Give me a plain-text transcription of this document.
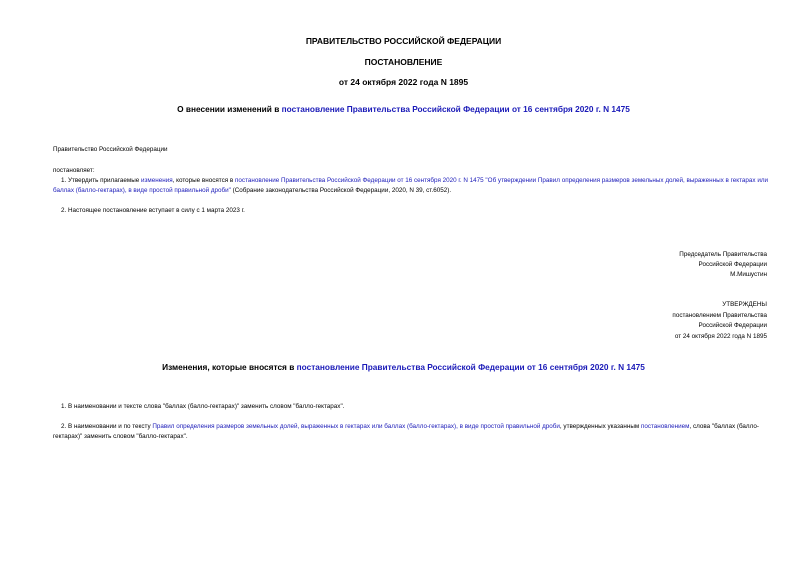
ПРАВИТЕЛЬСТВО РОССИЙСКОЙ ФЕДЕРАЦИИ
ПОСТАНОВЛЕНИЕ
от 24 октября 2022 года N 1895
О внесении изменений в постановление Правительства Российской Федерации от 16 сентября 2020 г. N 1475
Правительство Российской Федерации
постановляет:
1. Утвердить прилагаемые изменения, которые вносятся в постановление Правительства Российской Федерации от 16 сентября 2020 г. N 1475 "Об утверждении Правил определения размеров земельных долей, выраженных в гектарах или баллах (балло-гектарах), в виде простой правильной дроби" (Собрание законодательства Российской Федерации, 2020, N 39, ст.6052).
2. Настоящее постановление вступает в силу с 1 марта 2023 г.
Председатель Правительства
Российской Федерации
М.Мишустин
УТВЕРЖДЕНЫ
постановлением Правительства
Российской Федерации
от 24 октября 2022 года N 1895
Изменения, которые вносятся в постановление Правительства Российской Федерации от 16 сентября 2020 г. N 1475
1. В наименовании и тексте слова "баллах (балло-гектарах)" заменить словом "балло-гектарах".
2. В наименовании и по тексту Правил определения размеров земельных долей, выраженных в гектарах или баллах (балло-гектарах), в виде простой правильной дроби, утвержденных указанным постановлением, слова "баллах (балло-гектарах)" заменить словом "балло-гектарах".
